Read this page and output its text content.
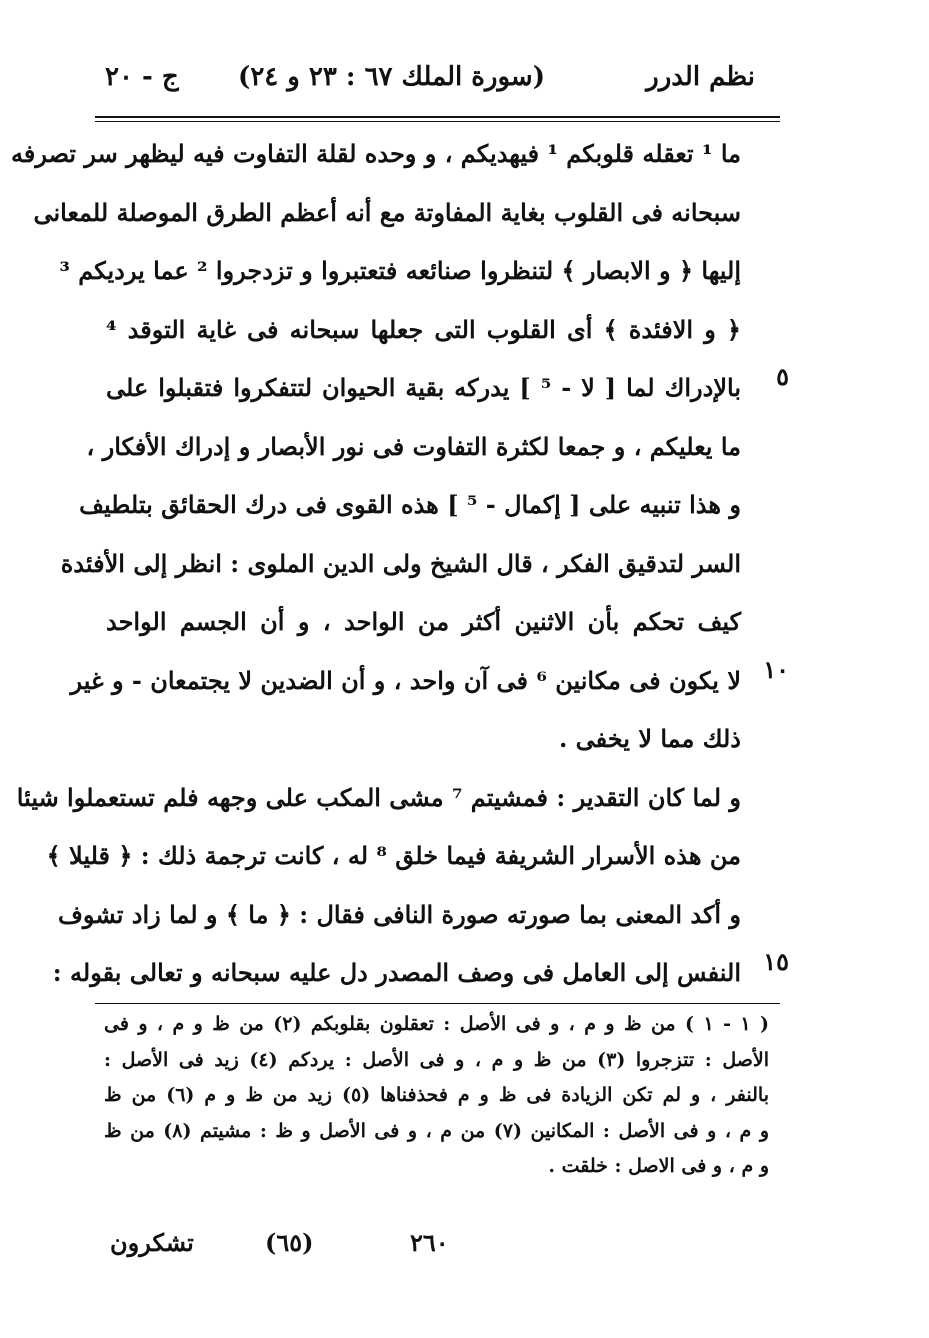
نظم الدرر
(سورة الملك ٦٧ : ٢٣ و ٢٤)
ج - ٢٠
ما ¹ تعقله قلوبكم ¹ فيهديكم ، و وحده لقلة التفاوت فيه ليظهر سر تصرفه
سبحانه فى القلوب بغاية المفاوتة مع أنه أعظم الطرق الموصلة للمعانى
إليها ﴿ و الابصار ﴾ لتنظروا صنائعه فتعتبروا و تزدجروا ² عما يرديكم ³
﴿ و الافئدة ﴾ أى القلوب التى جعلها سبحانه فى غاية التوقد ⁴
بالإدراك لما [ لا - ⁵ ] يدركه بقية الحيوان لتتفكروا فتقبلوا على
ما يعليكم ، و جمعا لكثرة التفاوت فى نور الأبصار و إدراك الأفكار ،
و هذا تنبيه على [ إكمال - ⁵ ] هذه القوى فى درك الحقائق بتلطيف
السر لتدقيق الفكر ، قال الشيخ ولى الدين الملوى : انظر إلى الأفئدة
كيف تحكم بأن الاثنين أكثر من الواحد ، و أن الجسم الواحد
لا يكون فى مكانين ⁶ فى آن واحد ، و أن الضدين لا يجتمعان - و غير
ذلك مما لا يخفى .
و لما كان التقدير : فمشيتم ⁷ مشى المكب على وجهه فلم تستعملوا شيئا
من هذه الأسرار الشريفة فيما خلق ⁸ له ، كانت ترجمة ذلك : ﴿ قليلا ﴾
و أكد المعنى بما صورته صورة النافى فقال : ﴿ ما ﴾ و لما زاد تشوف
النفس إلى العامل فى وصف المصدر دل عليه سبحانه و تعالى بقوله :
٥
١٠
١٥
( ١ - ١ ) من ظ و م ، و فى الأصل : تعقلون بقلوبكم (٢) من ظ و م ، و فى
الأصل : تتزجروا (٣) من ظ و م ، و فى الأصل : يردكم (٤) زيد فى الأصل :
بالنفر ، و لم تكن الزيادة فى ظ و م فحذفناها (٥) زيد من ظ و م (٦) من ظ
و م ، و فى الأصل : المكانين (٧) من م ، و فى الأصل و ظ : مشيتم (٨) من ظ
و م ، و فى الاصل : خلقت .
٢٦٠
(٦٥)
تشكرون
